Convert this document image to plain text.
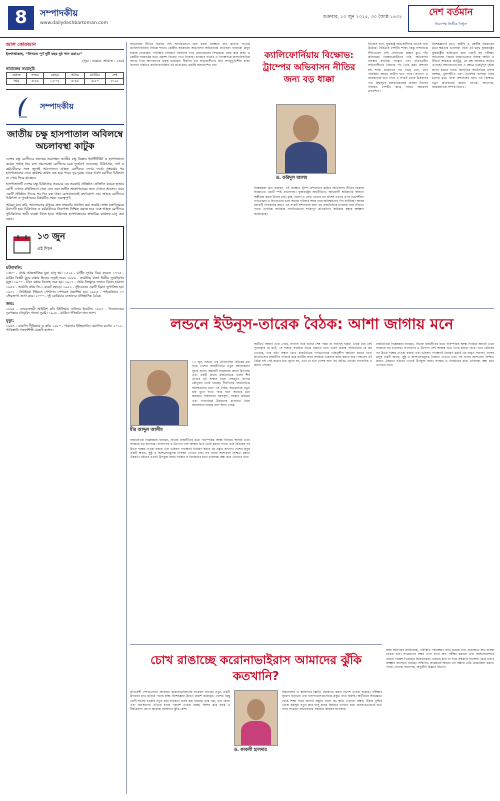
8	সম্পাদকীয়
www.dailydeshbartoman.com
শুক্রবার, ১৩ জুন ২০২৫, ৩০ জ্যৈষ্ঠ ১৪৩২	দেশ বর্তমান
নিরপেক্ষ নির্ভীক নির্ভুল
আল কোরআন
ইনশাআল্লাহ, “লিখতে পূর্ণ দুটি বছর দুধ পান করাও।”
(সূরা : বাকারা, আয়াত : ২৩৩)
নামাজের সময়সূচি
ওয়াক্ত	ফজর	যোহর	আসর	মাগরিব	এশা
সময়	৩:৪৫	১২:০৫	৪:৩৫	৬:৫০	৮:২৫
সম্পাদকীয়
জাতীয় চক্ষু হাসপাতাল অবিলম্বে অচলাবস্থা কাটুক
দেশের চক্ষু রোগীদের অন্যতম ভরসাস্থল জাতীয় চক্ষু বিজ্ঞান ইনস্টিটিউট ও হাসপাতালে কয়েক সপ্তাহ ধরে চলা অচলাবস্থা রোগীদের চরম দুর্ভোগে ফেলেছে। চিকিৎসক, নার্স ও কর্মচারীদের সঙ্গে জুলাই আন্দোলনে আহত রোগীদের দফায় দফায় সংঘর্ষের পর হাসপাতালের সেবা কার্যক্রম কার্যত বন্ধ হয়ে পড়ে। দূর-দূরান্ত থেকে আসা রোগীরা চিকিৎসা না পেয়ে ফিরে যাচ্ছেন।
হাসপাতালটি দেশের চক্ষু চিকিৎসার সবচেয়ে বড় সরকারি প্রতিষ্ঠান। প্রতিদিন কয়েক হাজার রোগী এখানে বহির্বিভাগে সেবা নেন এবং জটিল অস্ত্রোপচারের জন্য এখানে আসেন। এমন একটি প্রতিষ্ঠান দিনের পর দিন বন্ধ থাকা কোনোভাবেই গ্রহণযোগ্য নয়। আহত রোগীদের চিকিৎসা ও পুনর্বাসনের বিষয়টিও সমান গুরুত্বপূর্ণ।
আমরা মনে করি, আলোচনার মাধ্যমে দ্রুত সংকটের সমাধান করা জরুরি। স্বাস্থ্য মন্ত্রণালয়কে উদ্যোগী হয়ে চিকিৎসক ও কর্মচারীদের নিরাপত্তা নিশ্চিত করতে হবে এবং আহত রোগীদের সুচিকিৎসার স্থায়ী ব্যবস্থা নিতে হবে। অবিলম্বে হাসপাতালের স্বাভাবিক কার্যক্রম চালু করা হোক।
১৩ জুন
এই দিনে
ঘটনাবলি:
১৩৮০ - প্রথম আন্তর্জাতিক মুদ্রা চালু হয়। ১৫২৫ - মার্টিন লুথার বিয়ে করেন। ১৭৭৫ - মার্কিন বিপ্লবী যুদ্ধে বাঙ্কার হিলের লড়াই শুরু। ১৮৮৬ - জার্মানির রাজা দ্বিতীয় লুডভিগের মৃত্যু। ১৯০০ - চীনে বক্সার বিদ্রোহ শুরু হয়। ১৯১৭ - প্রথম বিশ্বযুদ্ধে লন্ডনে বিমান হামলা। ১৯৪৪ - জার্মানি প্রথম ভি-১ রকেট ছোড়ে। ১৯৫২ - সুইডেনের একটি বিমান ভূপাতিত হয়। ১৯৭১ - নিউইয়র্ক টাইমসে পেন্টাগন পেপারস প্রকাশিত হয়। ১৯৮৩ - পাইওনিয়ার ১০ সৌরজগৎ ত্যাগ করে। ২০০০ - দুই কোরিয়ার নেতাদের ঐতিহাসিক বৈঠক।
জন্ম:
১৮৬৫ - নোবেলজয়ী আইরিশ কবি উইলিয়াম বাটলার ইয়েটস। ১৮৯৭ - ফিনল্যান্ডের দূরপাল্লার দৌড়বিদ পাভো নুরমি। ১৯২৮ - মার্কিন গণিতবিদ জন ন্যাশ।
মৃত্যু:
১৯৬৭ - বাঙালি গীতিকার ও কবি। ১৯৮০ - গায়ানার ইতিহাসবিদ ওয়াল্টার রডনি। ২০১২ - পাকিস্তানি গজলশিল্পী মেহেদী হাসান।
অভিবাসন নীতির বিরুদ্ধে লস অ্যাঞ্জেলেসে শুরু হওয়া বিক্ষোভ দ্রুত ছড়িয়ে পড়েছে ক্যালিফোর্নিয়ার বিভিন্ন শহরে। কেন্দ্রীয় সরকারের অভিবাসন অভিযানের প্রতিবাদে হাজারো মানুষ রাস্তায় নেমেছেন। পরিস্থিতি নিয়ন্ত্রণে ন্যাশনাল গার্ড মোতায়েনের সিদ্ধান্তকে কেন্দ্র করে রাজ্য ও কেন্দ্রীয় সরকারের মধ্যে প্রকাশ্য বিরোধ দেখা দিয়েছে। রাজ্যের গভর্নর এ পদক্ষেপকে অসাংবিধানিক আখ্যা দিয়ে আদালতের দ্বারস্থ হয়েছেন। দীর্ঘদিন ধরে অভিবাসীদের প্রতি সহানুভূতিশীল রাজ্য হিসেবে পরিচিত ক্যালিফোর্নিয়ার এই প্রতিক্রিয়া মোটেই অপ্রত্যাশিত নয়।
ক্যালিফোর্নিয়ায় বিক্ষোভ: ট্রাম্পের অভিবাসন নীতির জন্য বড় ধাক্কা
ড. ফরিদুল আলম
বিশ্লেষকরা মনে করছেন, এই বিক্ষোভ ট্রাম্প প্রশাসনের কঠোর অভিবাসন নীতির বিরুদ্ধে জনমতের একটি স্পষ্ট প্রতিফলন। যুক্তরাষ্ট্রের অর্থনীতিতে অভিবাসী শ্রমিকদের অবদান অস্বীকার করার উপায় নেই; কৃষি, নির্মাণ ও সেবা খাতের বড় অংশই তাদের ওপর নির্ভরশীল। গণগ্রেপ্তার ও বিতাড়নের ভয়ে অনেক পরিবার আজ চরম অনিশ্চয়তায় দিন কাটাচ্ছে। আসন্ন মধ্যবর্তী নির্বাচনের আগে এই সংকট প্রশাসনের জন্য বড় রাজনৈতিক চ্যালেঞ্জ হয়ে দাঁড়াতে পারে। নাগরিক অধিকার সংগঠনগুলো শান্তিপূর্ণ প্রতিবাদের অধিকার রক্ষার আহ্বান জানিয়েছে।
ইতিহাস বলে, যুক্তরাষ্ট্র অভিবাসীদের হাতেই গড়ে উঠেছে। বৈচিত্র্যই দেশটির শক্তি। কিন্তু সাম্প্রতিক নীতিগুলো সেই ঐতিহ্যকে প্রশ্নের মুখে দাঁড় করিয়েছে। বিক্ষোভকারীদের দাবি, অভিবাসন ব্যবস্থার মানবিক সংস্কার এবং নথিপত্রহীন অভিবাসীদের বৈধতার পথ তৈরি করা। প্রশাসন যদি শক্তি প্রয়োগের পথ বেছে নেয়, তবে পরিস্থিতি আরও জটিল হতে পারে। সংলাপ ও সমঝোতাই হতে পারে এ সংকট থেকে উত্তরণের পথ। বিশ্বজুড়ে মানবাধিকারের প্রবক্তা হিসেবে পরিচিত দেশটির কাছে সংযত আচরণই প্রত্যাশিত।
বিশেষজ্ঞদের মতে, স্থানীয় ও কেন্দ্রীয় সরকারের মধ্যে ক্ষমতার ভারসাম্য নিয়ে এই দ্বন্দ্ব যুক্তরাষ্ট্রের যুক্তরাষ্ট্রীয় কাঠামোর জন্য একটি বড় পরীক্ষা। অভিবাসন বিষয়ে রাজ্যগুলোর নিজস্ব আইন ও নীতির অধিকার কতটুকু, সে প্রশ্ন আবারও সামনে এসেছে। আদালতের রায় এ ক্ষেত্রে গুরুত্বপূর্ণ দৃষ্টান্ত স্থাপন করতে পারে। অন্যদিকে অর্থনৈতিক মন্দার আশঙ্কা, মূল্যস্ফীতি এবং বৈদেশিক বাণিজ্য নিয়ে চাপের মধ্যে থাকা প্রশাসনের জন্য এই বিক্ষোভ নতুন মাথাব্যথার কারণ। লেখক: অধ্যাপক, আন্তর্জাতিক সম্পর্ক বিভাগ।
লন্ডনে ইউনূস-তারেক বৈঠক: আশা জাগায় মনে
মীর আব্দুল আলীম
১৩ জুন, লন্ডনে এক ঐতিহাসিক বৈঠকের মধ্য দিয়ে দেশের রাজনীতিতে নতুন আলোচনার সূচনা হলো। অন্তর্বর্তী সরকারের প্রধান উপদেষ্টা এবং একটি প্রধান রাজনৈতিক দলের শীর্ষ নেতার এই সাক্ষাৎ নিয়ে দেশজুড়ে ব্যাপক কৌতূহল তৈরি হয়েছে। দীর্ঘদিনের রাজনৈতিক অনিশ্চয়তার মধ্যে এই বৈঠক সমঝোতার নতুন দ্বার খুলে দিতে পারে বলে অনেকে মনে করছেন। নির্বাচনের সময়সূচি, সংস্কার কার্যক্রম এবং গণতান্ত্রিক উত্তরণের রূপরেখা নিয়ে আলোচনা হয়েছে বলে জানা গেছে।
রাজনৈতিক বিশ্লেষকরা বলছেন, বিভক্ত রাজনীতির মধ্যে পারস্পরিক আস্থা ফিরিয়ে আনাই এখন সবচেয়ে বড় চ্যালেঞ্জ। সংলাপের এ উদ্যোগ সেই আস্থার ভিত তৈরি করতে পারে। তবে বৈঠকের পর উভয় পক্ষের দেওয়া বক্তব্য এবং ভবিষ্যৎ পদক্ষেপই নির্ধারণ করবে এর প্রকৃত সাফল্য। দেশের মানুষ একটি অবাধ, সুষ্ঠু ও অংশগ্রহণমূলক নির্বাচন দেখতে চায়। সব দলের অংশগ্রহণ নিশ্চিত করতে ঐকমত্য গঠনের এখনই উপযুক্ত সময়। সংস্কার ও নির্বাচনের মধ্যে ভারসাম্য রক্ষা করে এগোতে হবে।
অতীতে বহুবার দেখা গেছে, সংলাপ শুরু হলেও শেষ পর্যন্ত তা ফলপ্রসূ হয়নি। এবার যেন সেই পুনরাবৃত্তি না ঘটে, সে বিষয়ে সবাইকে সতর্ক থাকতে হবে। তরুণ প্রজন্ম পরিবর্তনের যে স্বপ্ন দেখেছে, তার প্রতি সম্মান রেখে রাজনৈতিক দলগুলোকে দায়িত্বশীল আচরণ করতে হবে। প্রতিহিংসার রাজনীতি পরিহার করে জাতীয় স্বার্থে সবাইকে একসঙ্গে কাজ করতে হবে। লন্ডনের এই বৈঠক যদি সেই যাত্রার শুভ সূচনা হয়, তবে তা হবে দেশের জন্য বড় প্রাপ্তি। লেখক: সাংবাদিক ও কলাম লেখক।
রাজনৈতিক বিশ্লেষকরা বলছেন, বিভক্ত রাজনীতির মধ্যে পারস্পরিক আস্থা ফিরিয়ে আনাই এখন সবচেয়ে বড় চ্যালেঞ্জ। সংলাপের এ উদ্যোগ সেই আস্থার ভিত তৈরি করতে পারে। তবে বৈঠকের পর উভয় পক্ষের দেওয়া বক্তব্য এবং ভবিষ্যৎ পদক্ষেপই নির্ধারণ করবে এর প্রকৃত সাফল্য। দেশের মানুষ একটি অবাধ, সুষ্ঠু ও অংশগ্রহণমূলক নির্বাচন দেখতে চায়। সব দলের অংশগ্রহণ নিশ্চিত করতে ঐকমত্য গঠনের এখনই উপযুক্ত সময়। সংস্কার ও নির্বাচনের মধ্যে ভারসাম্য রক্ষা করে এগোতে হবে।
চোখ রাঙাচ্ছে করোনাভাইরাস আমাদের ঝুঁকি কতখানি?
ড. কাকলী হালদার
প্রতিবেশী দেশগুলোতে আবারও করোনাভাইরাসের সংক্রমণ বাড়ছে। নতুন একটি উপধরন দ্রুত ছড়িয়ে পড়ায় স্বাস্থ্য বিশেষজ্ঞরা উদ্বেগ প্রকাশ করেছেন। দেশেও কিছু রোগী শনাক্ত হওয়ায় নতুন করে সতর্কতা জারি করা হয়েছে। মাস্ক পরা, হাত ধোয়া এবং জনসমাগম এড়িয়ে চলার পরামর্শ দেওয়া হচ্ছে। বিশেষ করে বয়স্ক ও দীর্ঘমেয়াদি রোগে আক্রান্ত ব্যক্তিদের ঝুঁকি বেশি।
বিমানবন্দর ও স্থলবন্দরে স্ক্রিনিং জোরদার করার নির্দেশ দেওয়া হয়েছে। পরীক্ষার সুযোগ বাড়ানো এবং হাসপাতালগুলোকে প্রস্তুত রাখা জরুরি। অতীতের অভিজ্ঞতা থেকে শিক্ষা নিয়ে আগাম প্রস্তুতি নিলে বড় ক্ষতি এড়ানো সম্ভব। টিকার বুস্টার ডোজ কর্মসূচি নতুন করে চালু করার বিষয়েও ভাবতে হবে। জনসচেতনতাই হতে পারে সংক্রমণ প্রতিরোধের সবচেয়ে কার্যকর হাতিয়ার।
স্বাস্থ্য অধিদপ্তর জানিয়েছে, পরিস্থিতি পর্যবেক্ষণে রাখা হয়েছে এবং প্রয়োজনে দ্রুত ব্যবস্থা নেওয়া হবে। সংক্রমণের লক্ষণ দেখা দিলে দ্রুত পরীক্ষা করানো এবং আইসোলেশনে থাকার পরামর্শ দিয়েছেন চিকিৎসকরা। গুজবে কান না দিয়ে সরকারি নির্দেশনা মেনে চলার আহ্বান জানানো হয়েছে। সম্মিলিত প্রচেষ্টায়ই আমরা এই সম্ভাব্য ঢেউ মোকাবিলা করতে পারব। লেখক: অধ্যাপক, অণুজীব বিজ্ঞান বিভাগ।
